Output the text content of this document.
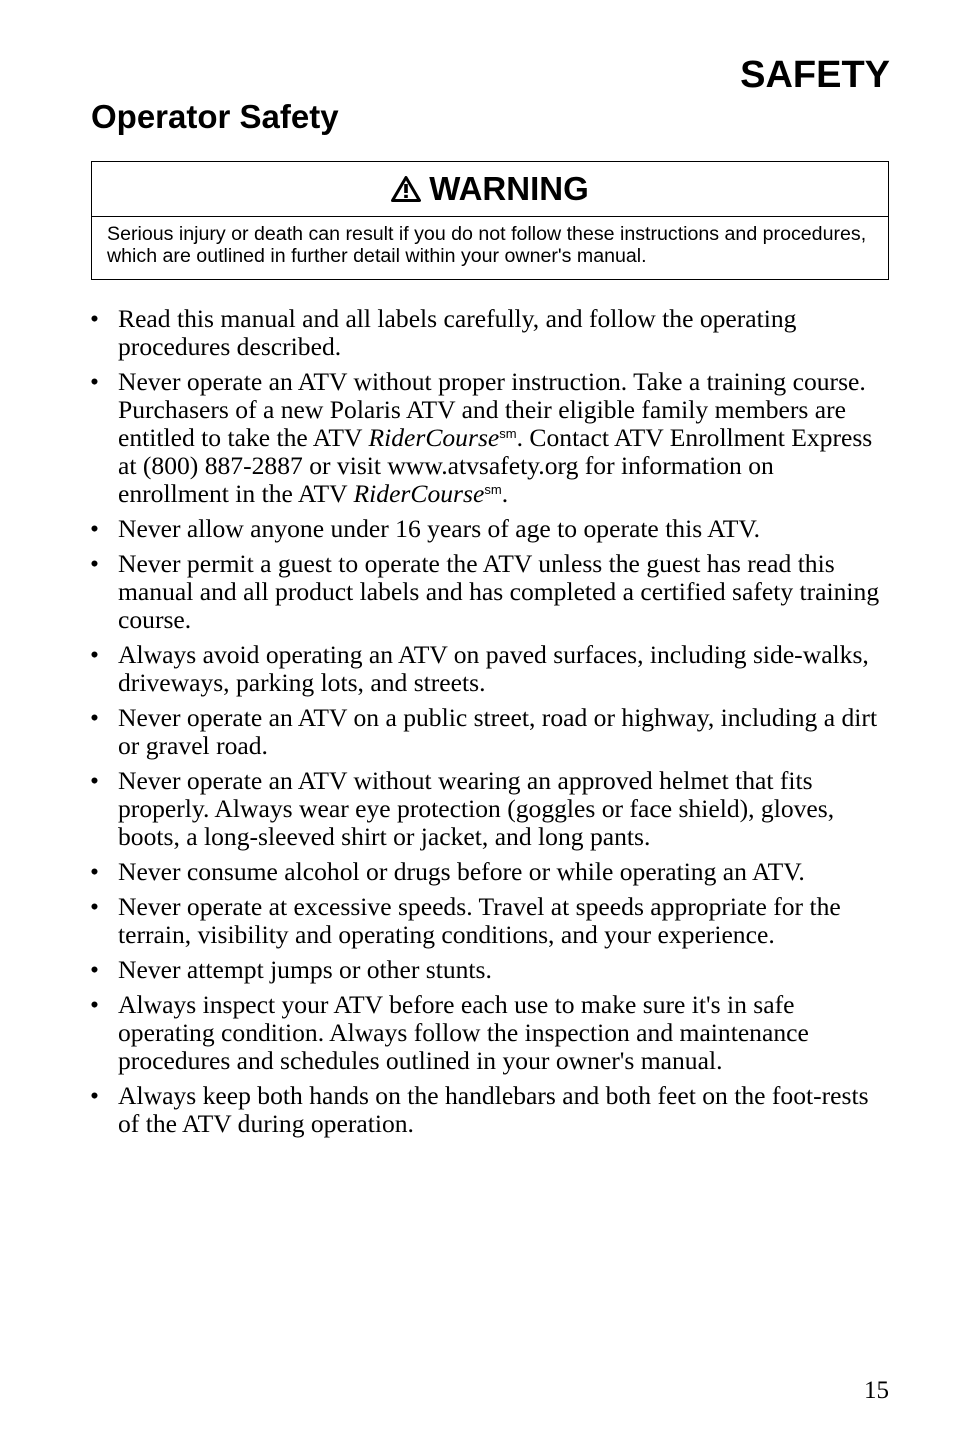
SAFETY
Operator Safety
WARNING
Serious injury or death can result if you do not follow these instructions and procedures, which are outlined in further detail within your owner's manual.
• Read this manual and all labels carefully, and follow the operating procedures described.
• Never operate an ATV without proper instruction. Take a training course. Purchasers of a new Polaris ATV and their eligible family members are entitled to take the ATV RiderCourse$^{sm}$. Contact ATV Enrollment Express at (800) 887-2887 or visit www.atvsafety.org for information on enrollment in the ATV RiderCourse$^{sm}$.
• Never allow anyone under 16 years of age to operate this ATV.
• Never permit a guest to operate the ATV unless the guest has read this manual and all product labels and has completed a certified safety training course.
• Always avoid operating an ATV on paved surfaces, including side-walks, driveways, parking lots, and streets.
• Never operate an ATV on a public street, road or highway, including a dirt or gravel road.
• Never operate an ATV without wearing an approved helmet that fits properly. Always wear eye protection (goggles or face shield), gloves, boots, a long-sleeved shirt or jacket, and long pants.
• Never consume alcohol or drugs before or while operating an ATV.
• Never operate at excessive speeds. Travel at speeds appropriate for the terrain, visibility and operating conditions, and your experience.
• Never attempt jumps or other stunts.
• Always inspect your ATV before each use to make sure it's in safe operating condition. Always follow the inspection and maintenance procedures and schedules outlined in your owner's manual.
• Always keep both hands on the handlebars and both feet on the foot-rests of the ATV during operation.
15
